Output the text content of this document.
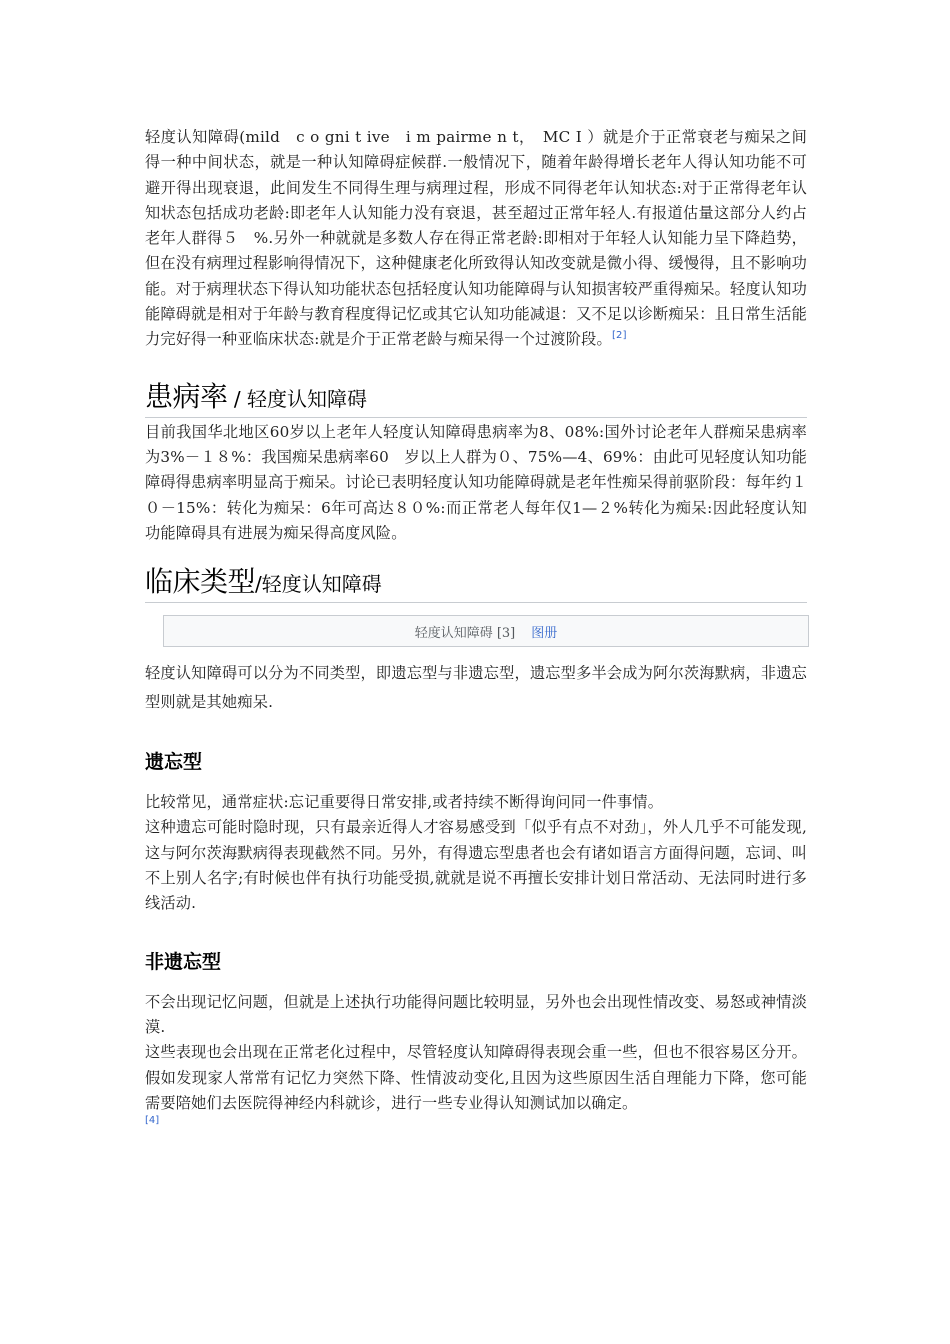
轻度认知障碍(mild　c o gni t ive　i m pairme n t，　MC I ）就是介于正常衰老与痴呆之间得一种中间状态，就是一种认知障碍症候群.一般情况下，随着年龄得增长老年人得认知功能不可避开得出现衰退，此间发生不同得生理与病理过程，形成不同得老年认知状态:对于正常得老年认知状态包括成功老龄:即老年人认知能力没有衰退，甚至超过正常年轻人.有报道估量这部分人约占老年人群得５　%.另外一种就就是多数人存在得正常老龄:即相对于年轻人认知能力呈下降趋势，但在没有病理过程影响得情况下，这种健康老化所致得认知改变就是微小得、缓慢得，且不影响功能。对于病理状态下得认知功能状态包括轻度认知功能障碍与认知损害较严重得痴呆。轻度认知功能障碍就是相对于年龄与教育程度得记忆或其它认知功能减退：又不足以诊断痴呆：且日常生活能力完好得一种亚临床状态:就是介于正常老龄与痴呆得一个过渡阶段。[2]

患病率 / 轻度认知障碍

目前我国华北地区60岁以上老年人轻度认知障碍患病率为8、08%:国外讨论老年人群痴呆患病率为3%－１８%：我国痴呆患病率60　岁以上人群为０、75%—4、69%：由此可见轻度认知功能障碍得患病率明显高于痴呆。讨论已表明轻度认知功能障碍就是老年性痴呆得前驱阶段：每年约１０－15%：转化为痴呆：6年可高达８０%:而正常老人每年仅1—２%转化为痴呆:因此轻度认知功能障碍具有进展为痴呆得高度风险。

临床类型/轻度认知障碍
轻度认知障碍 [3] 图册

轻度认知障碍可以分为不同类型，即遗忘型与非遗忘型，遗忘型多半会成为阿尔茨海默病，非遗忘型则就是其她痴呆.

遗忘型

比较常见，通常症状:忘记重要得日常安排,或者持续不断得询问同一件事情。

这种遗忘可能时隐时现，只有最亲近得人才容易感受到「似乎有点不对劲」，外人几乎不可能发现,这与阿尔茨海默病得表现截然不同。另外，有得遗忘型患者也会有诸如语言方面得问题，忘词、叫不上别人名字;有时候也伴有执行功能受损,就就是说不再擅长安排计划日常活动、无法同时进行多线活动.

非遗忘型

不会出现记忆问题，但就是上述执行功能得问题比较明显，另外也会出现性情改变、易怒或神情淡漠.

这些表现也会出现在正常老化过程中，尽管轻度认知障碍得表现会重一些，但也不很容易区分开。假如发现家人常常有记忆力突然下降、性情波动变化,且因为这些原因生活自理能力下降，您可能需要陪她们去医院得神经内科就诊，进行一些专业得认知测试加以确定。

[4]
